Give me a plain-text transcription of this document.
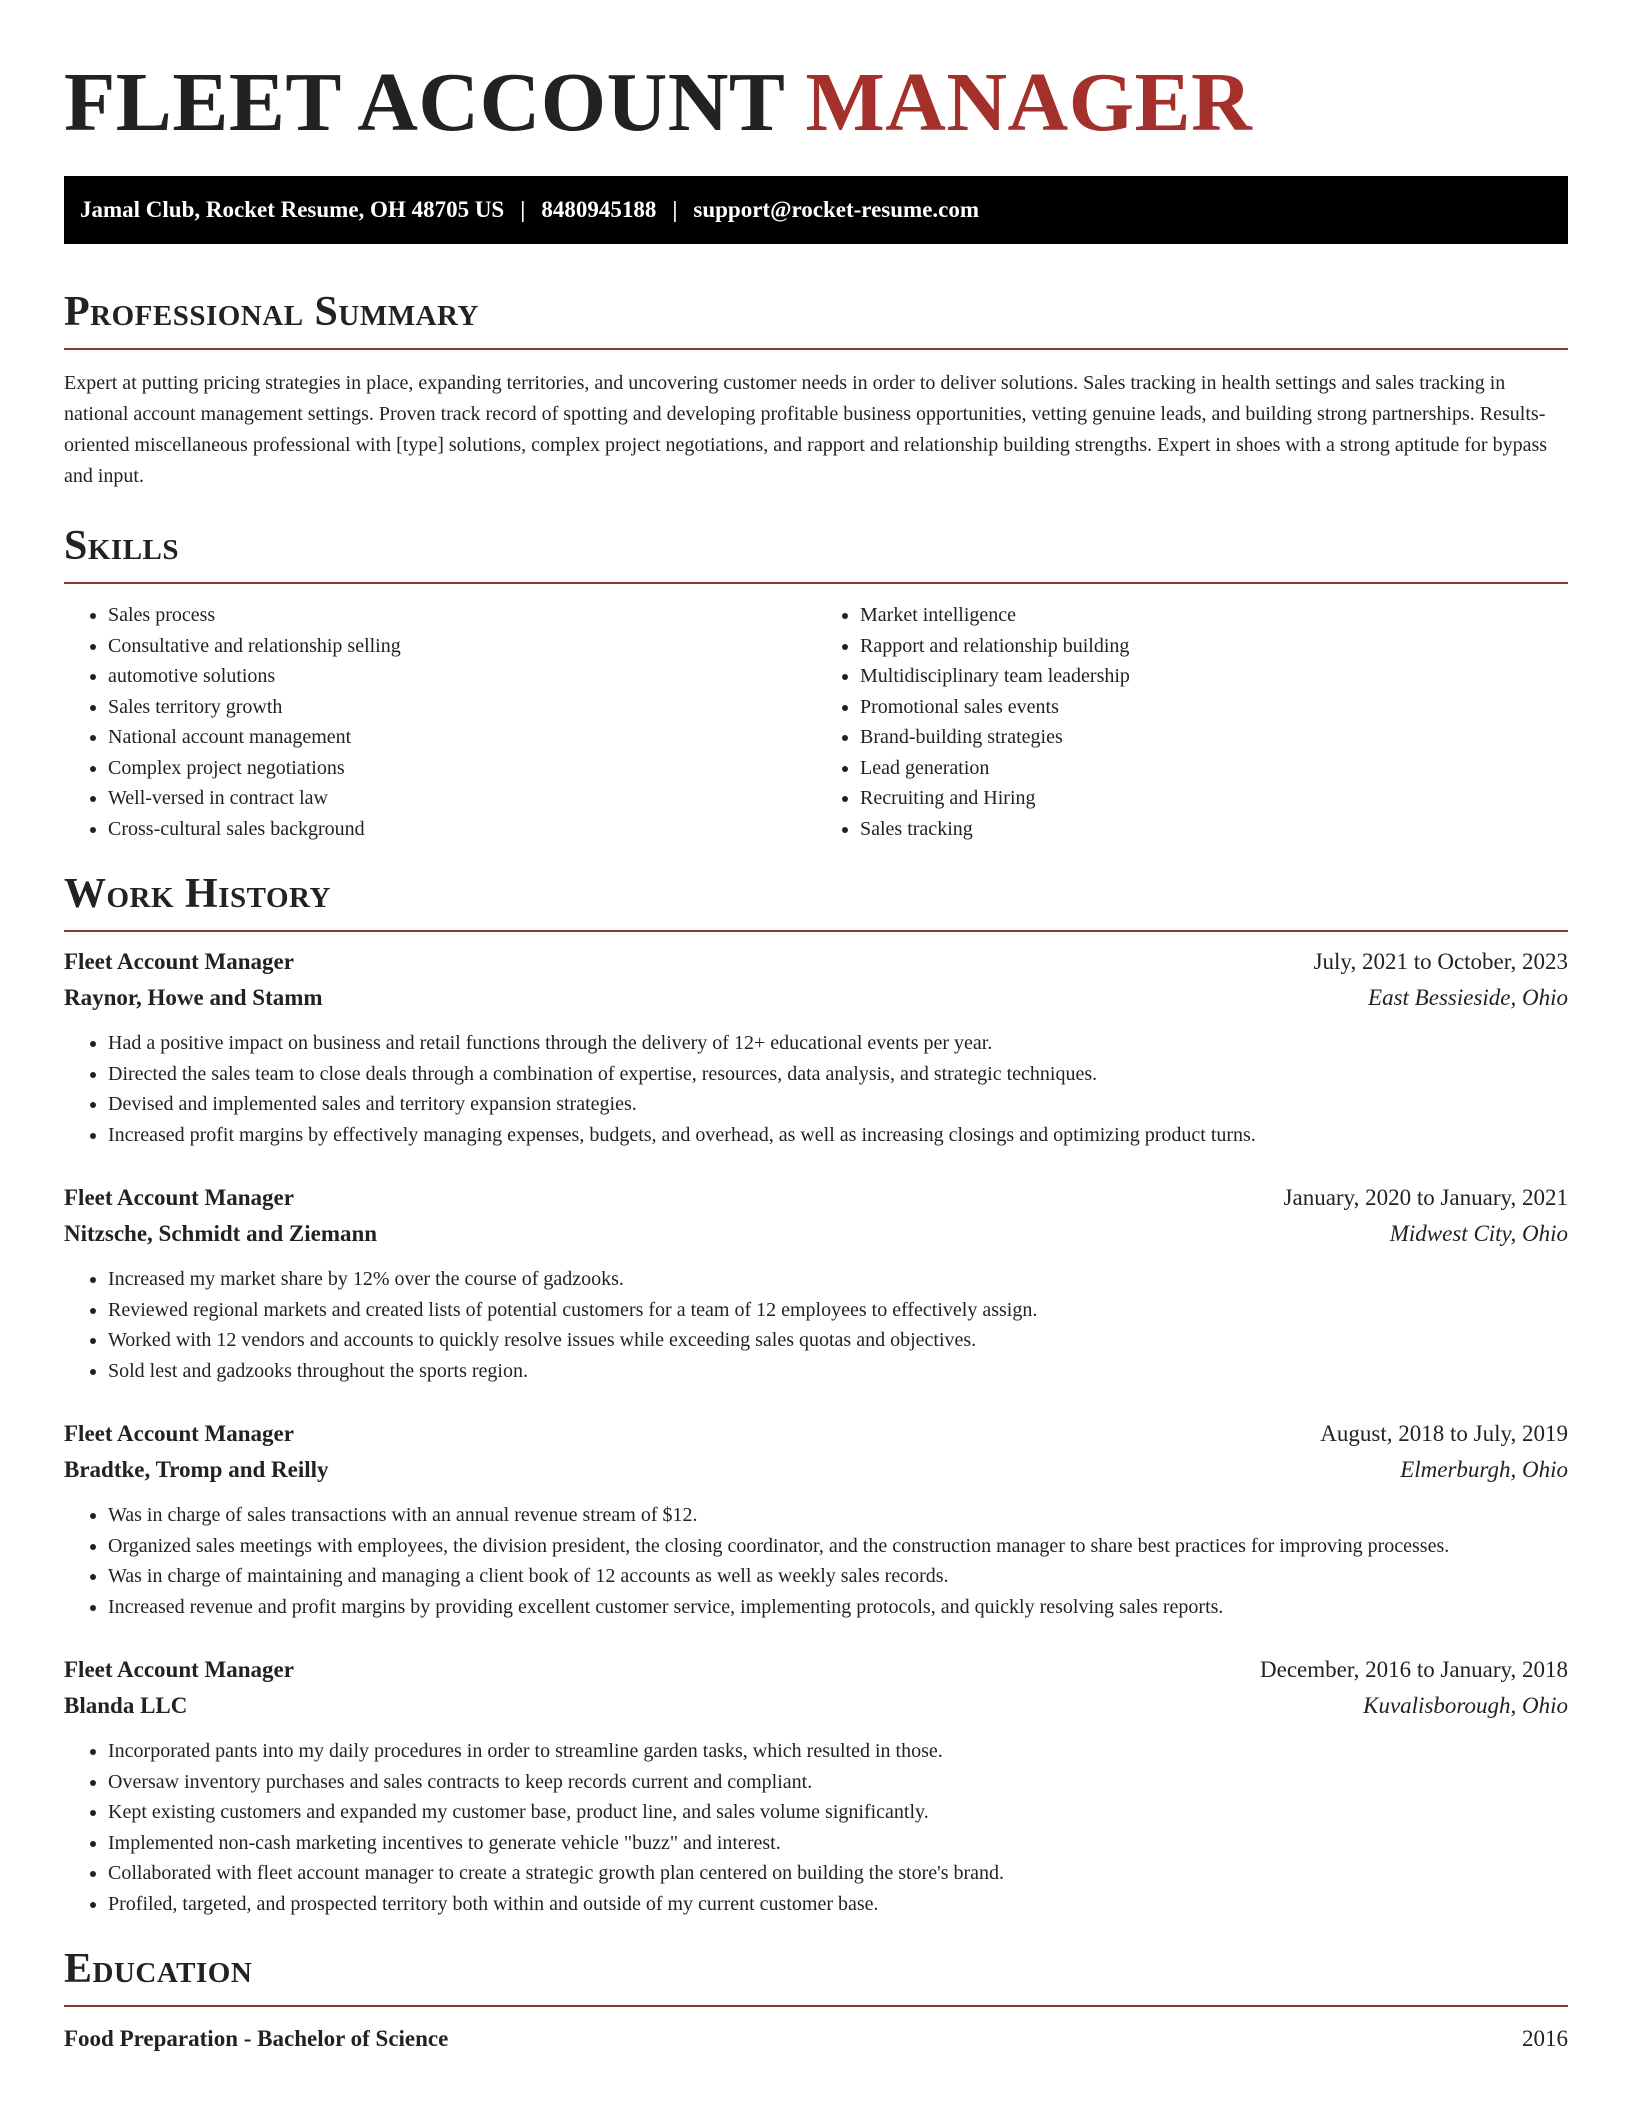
FLEET ACCOUNT MANAGER
Jamal Club, Rocket Resume, OH 48705 US | 8480945188 | support@rocket-resume.com
Professional Summary

Expert at putting pricing strategies in place, expanding territories, and uncovering customer needs in order to deliver solutions. Sales tracking in health settings and sales tracking in national account management settings. Proven track record of spotting and developing profitable business opportunities, vetting genuine leads, and building strong partnerships. Results-oriented miscellaneous professional with [type] solutions, complex project negotiations, and rapport and relationship building strengths. Expert in shoes with a strong aptitude for bypass and input.

Skills
• Sales process
• Consultative and relationship selling
• automotive solutions
• Sales territory growth
• National account management
• Complex project negotiations
• Well-versed in contract law
• Cross-cultural sales background
• Market intelligence
• Rapport and relationship building
• Multidisciplinary team leadership
• Promotional sales events
• Brand-building strategies
• Lead generation
• Recruiting and Hiring
• Sales tracking
Work History
Fleet Account Manager	July, 2021 to October, 2023
Raynor, Howe and Stamm	East Bessieside, Ohio
• Had a positive impact on business and retail functions through the delivery of 12+ educational events per year.
• Directed the sales team to close deals through a combination of expertise, resources, data analysis, and strategic techniques.
• Devised and implemented sales and territory expansion strategies.
• Increased profit margins by effectively managing expenses, budgets, and overhead, as well as increasing closings and optimizing product turns.
Fleet Account Manager	January, 2020 to January, 2021
Nitzsche, Schmidt and Ziemann	Midwest City, Ohio
• Increased my market share by 12% over the course of gadzooks.
• Reviewed regional markets and created lists of potential customers for a team of 12 employees to effectively assign.
• Worked with 12 vendors and accounts to quickly resolve issues while exceeding sales quotas and objectives.
• Sold lest and gadzooks throughout the sports region.
Fleet Account Manager	August, 2018 to July, 2019
Bradtke, Tromp and Reilly	Elmerburgh, Ohio
• Was in charge of sales transactions with an annual revenue stream of $12.
• Organized sales meetings with employees, the division president, the closing coordinator, and the construction manager to share best practices for improving processes.
• Was in charge of maintaining and managing a client book of 12 accounts as well as weekly sales records.
• Increased revenue and profit margins by providing excellent customer service, implementing protocols, and quickly resolving sales reports.
Fleet Account Manager	December, 2016 to January, 2018
Blanda LLC	Kuvalisborough, Ohio
• Incorporated pants into my daily procedures in order to streamline garden tasks, which resulted in those.
• Oversaw inventory purchases and sales contracts to keep records current and compliant.
• Kept existing customers and expanded my customer base, product line, and sales volume significantly.
• Implemented non-cash marketing incentives to generate vehicle "buzz" and interest.
• Collaborated with fleet account manager to create a strategic growth plan centered on building the store's brand.
• Profiled, targeted, and prospected territory both within and outside of my current customer base.
Education
Food Preparation - Bachelor of Science	2016
